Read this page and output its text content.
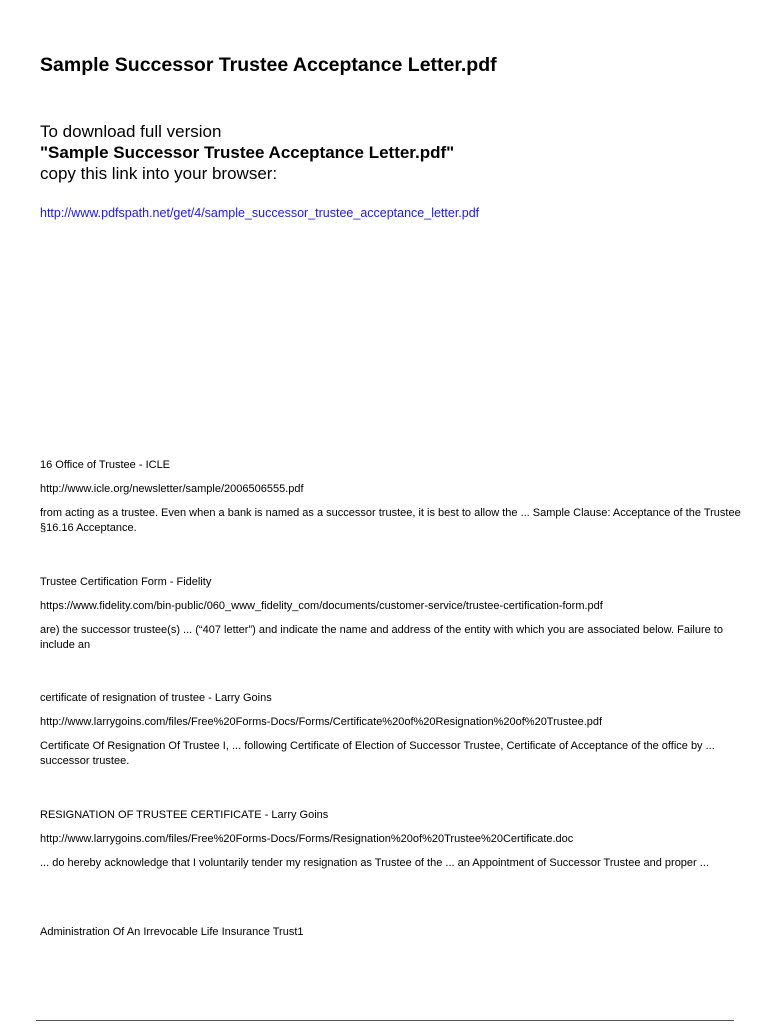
Sample Successor Trustee Acceptance Letter.pdf
To download full version
"Sample Successor Trustee Acceptance Letter.pdf"
copy this link into your browser:
http://www.pdfspath.net/get/4/sample_successor_trustee_acceptance_letter.pdf
16 Office of Trustee - ICLE
http://www.icle.org/newsletter/sample/2006506555.pdf
from acting as a trustee. Even when a bank is named as a successor trustee, it is best to allow the ... Sample Clause: Acceptance of the Trustee §16.16 Acceptance.
Trustee Certification Form - Fidelity
https://www.fidelity.com/bin-public/060_www_fidelity_com/documents/customer-service/trustee-certification-form.pdf
are) the successor trustee(s) ... (“407 letter”) and indicate the name and address of the entity with which you are associated below. Failure to include an
certificate of resignation of trustee - Larry Goins
http://www.larrygoins.com/files/Free%20Forms-Docs/Forms/Certificate%20of%20Resignation%20of%20Trustee.pdf
Certificate Of Resignation Of Trustee I, ... following Certificate of Election of Successor Trustee, Certificate of Acceptance of the office by ... successor trustee.
RESIGNATION OF TRUSTEE CERTIFICATE - Larry Goins
http://www.larrygoins.com/files/Free%20Forms-Docs/Forms/Resignation%20of%20Trustee%20Certificate.doc
... do hereby acknowledge that I voluntarily tender my resignation as Trustee of the ... an Appointment of Successor Trustee and proper ...
Administration Of An Irrevocable Life Insurance Trust1
